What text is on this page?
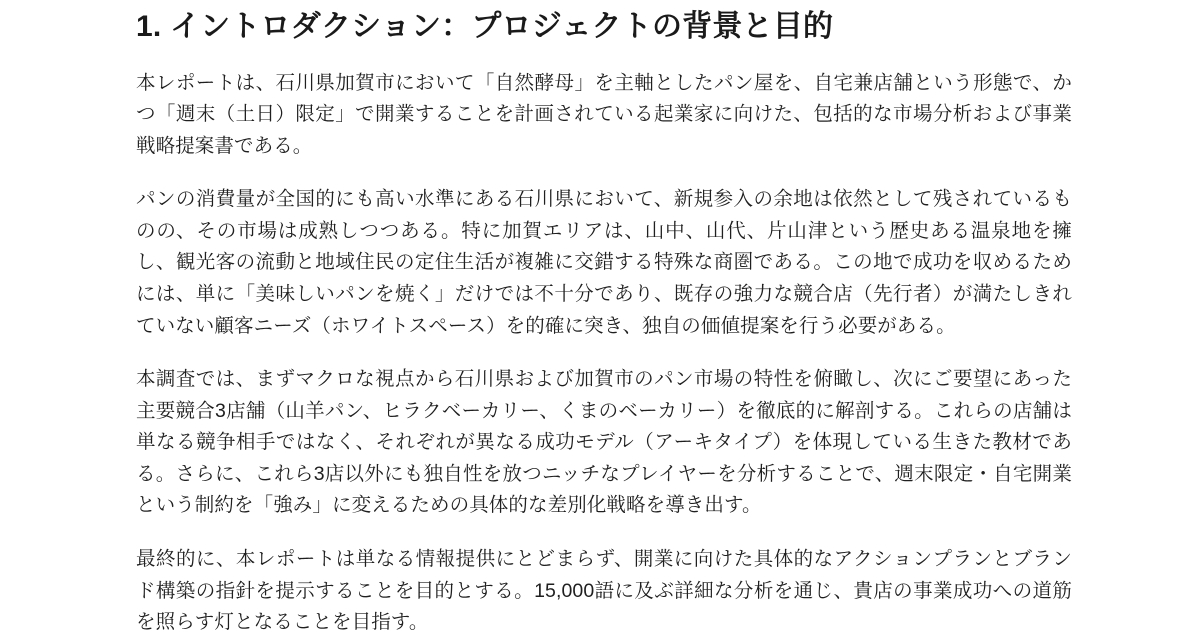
1. イントロダクション：プロジェクトの背景と目的

本レポートは、石川県加賀市において「自然酵母」を主軸としたパン屋を、自宅兼店舗という形態で、かつ「週末（土日）限定」で開業することを計画されている起業家に向けた、包括的な市場分析および事業戦略提案書である。

パンの消費量が全国的にも高い水準にある石川県において、新規参入の余地は依然として残されているものの、その市場は成熟しつつある。特に加賀エリアは、山中、山代、片山津という歴史ある温泉地を擁し、観光客の流動と地域住民の定住生活が複雑に交錯する特殊な商圏である。この地で成功を収めるためには、単に「美味しいパンを焼く」だけでは不十分であり、既存の強力な競合店（先行者）が満たしきれていない顧客ニーズ（ホワイトスペース）を的確に突き、独自の価値提案を行う必要がある。

本調査では、まずマクロな視点から石川県および加賀市のパン市場の特性を俯瞰し、次にご要望にあった主要競合3店舗（山羊パン、ヒラクベーカリー、くまのベーカリー）を徹底的に解剖する。これらの店舗は単なる競争相手ではなく、それぞれが異なる成功モデル（アーキタイプ）を体現している生きた教材である。さらに、これら3店以外にも独自性を放つニッチなプレイヤーを分析することで、週末限定・自宅開業という制約を「強み」に変えるための具体的な差別化戦略を導き出す。

最終的に、本レポートは単なる情報提供にとどまらず、開業に向けた具体的なアクションプランとブランド構築の指針を提示することを目的とする。15,000語に及ぶ詳細な分析を通じ、貴店の事業成功への道筋を照らす灯となることを目指す。
